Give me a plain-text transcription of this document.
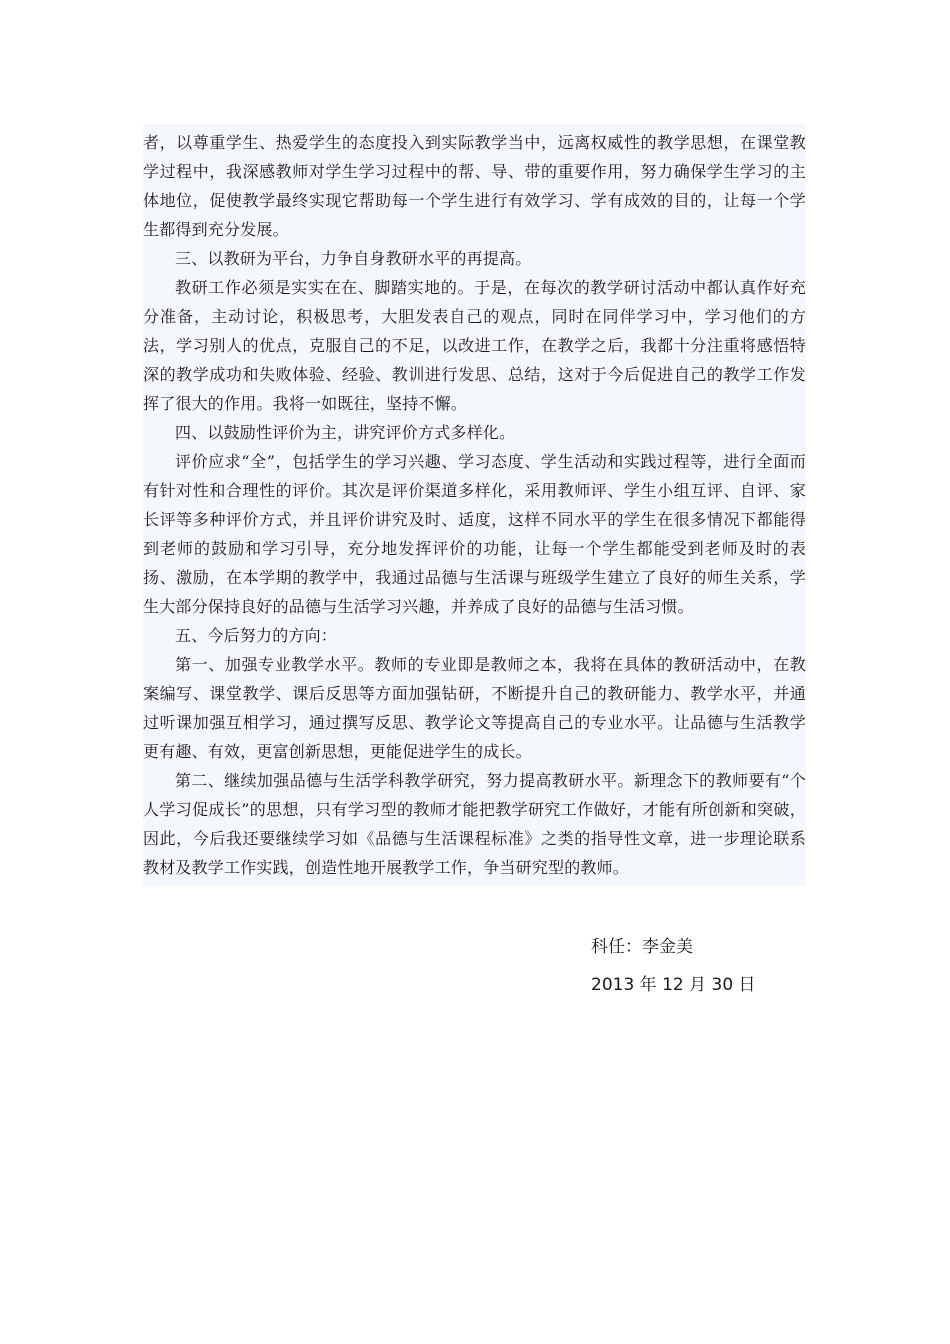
者，以尊重学生、热爱学生的态度投入到实际教学当中，远离权威性的教学思想，在课堂教学过程中，我深感教师对学生学习过程中的帮、导、带的重要作用，努力确保学生学习的主体地位，促使教学最终实现它帮助每一个学生进行有效学习、学有成效的目的，让每一个学生都得到充分发展。

三、以教研为平台，力争自身教研水平的再提高。

教研工作必须是实实在在、脚踏实地的。于是，在每次的教学研讨活动中都认真作好充分准备，主动讨论，积极思考，大胆发表自己的观点，同时在同伴学习中，学习他们的方法，学习别人的优点，克服自己的不足，以改进工作，在教学之后，我都十分注重将感悟特深的教学成功和失败体验、经验、教训进行发思、总结，这对于今后促进自己的教学工作发挥了很大的作用。我将一如既往，坚持不懈。

四、以鼓励性评价为主，讲究评价方式多样化。

评价应求“全”，包括学生的学习兴趣、学习态度、学生活动和实践过程等，进行全面而有针对性和合理性的评价。其次是评价渠道多样化，采用教师评、学生小组互评、自评、家长评等多种评价方式，并且评价讲究及时、适度，这样不同水平的学生在很多情况下都能得到老师的鼓励和学习引导，充分地发挥评价的功能，让每一个学生都能受到老师及时的表扬、激励，在本学期的教学中，我通过品德与生活课与班级学生建立了良好的师生关系，学生大部分保持良好的品德与生活学习兴趣，并养成了良好的品德与生活习惯。

五、今后努力的方向：

第一、加强专业教学水平。教师的专业即是教师之本，我将在具体的教研活动中，在教案编写、课堂教学、课后反思等方面加强钻研，不断提升自己的教研能力、教学水平，并通过听课加强互相学习，通过撰写反思、教学论文等提高自己的专业水平。让品德与生活教学更有趣、有效，更富创新思想，更能促进学生的成长。

第二、继续加强品德与生活学科教学研究，努力提高教研水平。新理念下的教师要有“个人学习促成长”的思想，只有学习型的教师才能把教学研究工作做好，才能有所创新和突破，因此，今后我还要继续学习如《品德与生活课程标准》之类的指导性文章，进一步理论联系教材及教学工作实践，创造性地开展教学工作，争当研究型的教师。

科任：李金美

2013 年 12 月 30 日
